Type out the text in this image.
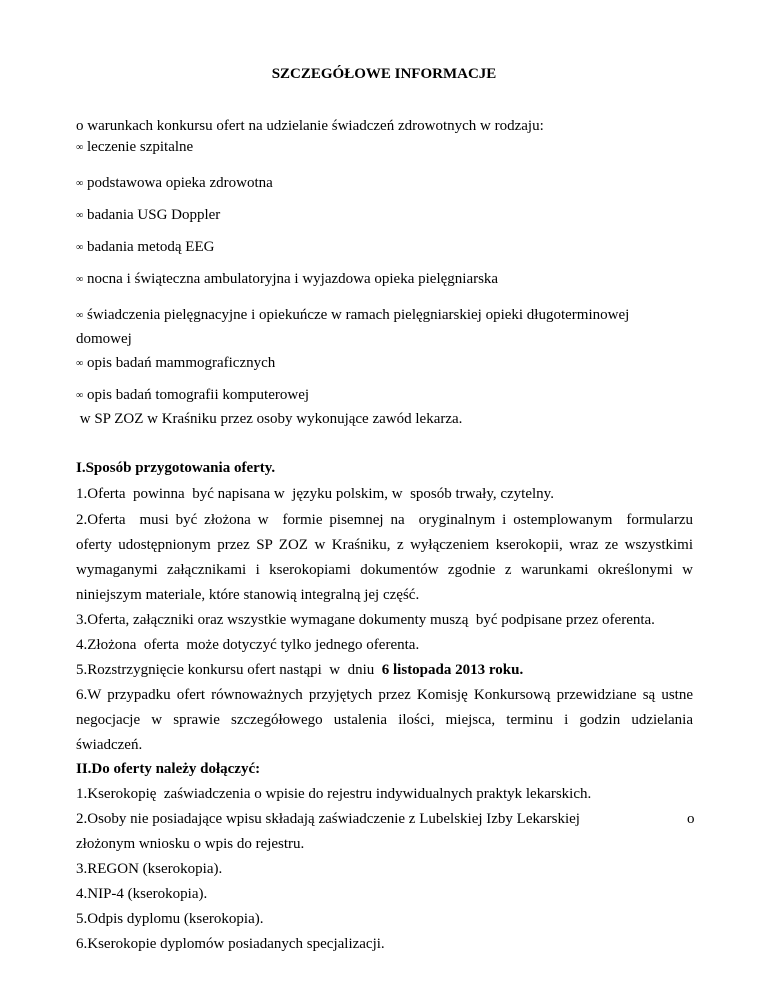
SZCZEGÓŁOWE INFORMACJE
o warunkach konkursu ofert na udzielanie świadczeń zdrowotnych w rodzaju:
∞ leczenie szpitalne
∞ podstawowa opieka zdrowotna
∞ badania USG Doppler
∞ badania metodą EEG
∞ nocna i świąteczna ambulatoryjna i wyjazdowa opieka pielęgniarska
∞ świadczenia pielęgnacyjne i opiekuńcze w ramach pielęgniarskiej opieki długoterminowej
domowej
∞ opis badań mammograficznych
∞ opis badań tomografii komputerowej
w SP ZOZ w Kraśniku przez osoby wykonujące zawód lekarza.
I.Sposób przygotowania oferty.
1.Oferta  powinna  być napisana w  języku polskim, w  sposób trwały, czytelny.
2.Oferta  musi być złożona w  formie pisemnej na  oryginalnym i ostemplowanym  formularzu
oferty udostępnionym przez SP ZOZ w Kraśniku, z wyłączeniem kserokopii, wraz ze wszystkimi
wymaganymi załącznikami i kserokopiami dokumentów zgodnie z warunkami określonymi w
niniejszym materiale, które stanowią integralną jej część.
3.Oferta, załączniki oraz wszystkie wymagane dokumenty muszą  być podpisane przez oferenta.
4.Złożona  oferta  może dotyczyć tylko jednego oferenta.
5.Rozstrzygnięcie konkursu ofert nastąpi  w  dniu  6 listopada 2013 roku.
6.W przypadku ofert równoważnych przyjętych przez Komisję Konkursową przewidziane są ustne
negocjacje  w  sprawie  szczegółowego  ustalenia  ilości,  miejsca,  terminu  i  godzin  udzielania
świadczeń.
II.Do oferty należy dołączyć:
1.Kserokopię  zaświadczenia o wpisie do rejestru indywidualnych praktyk lekarskich.
2.Osoby nie posiadające wpisu składają zaświadczenie z Lubelskiej Izby Lekarskiej	o
złożonym wniosku o wpis do rejestru.
3.REGON (kserokopia).
4.NIP-4 (kserokopia).
5.Odpis dyplomu (kserokopia).
6.Kserokopie dyplomów posiadanych specjalizacji.
